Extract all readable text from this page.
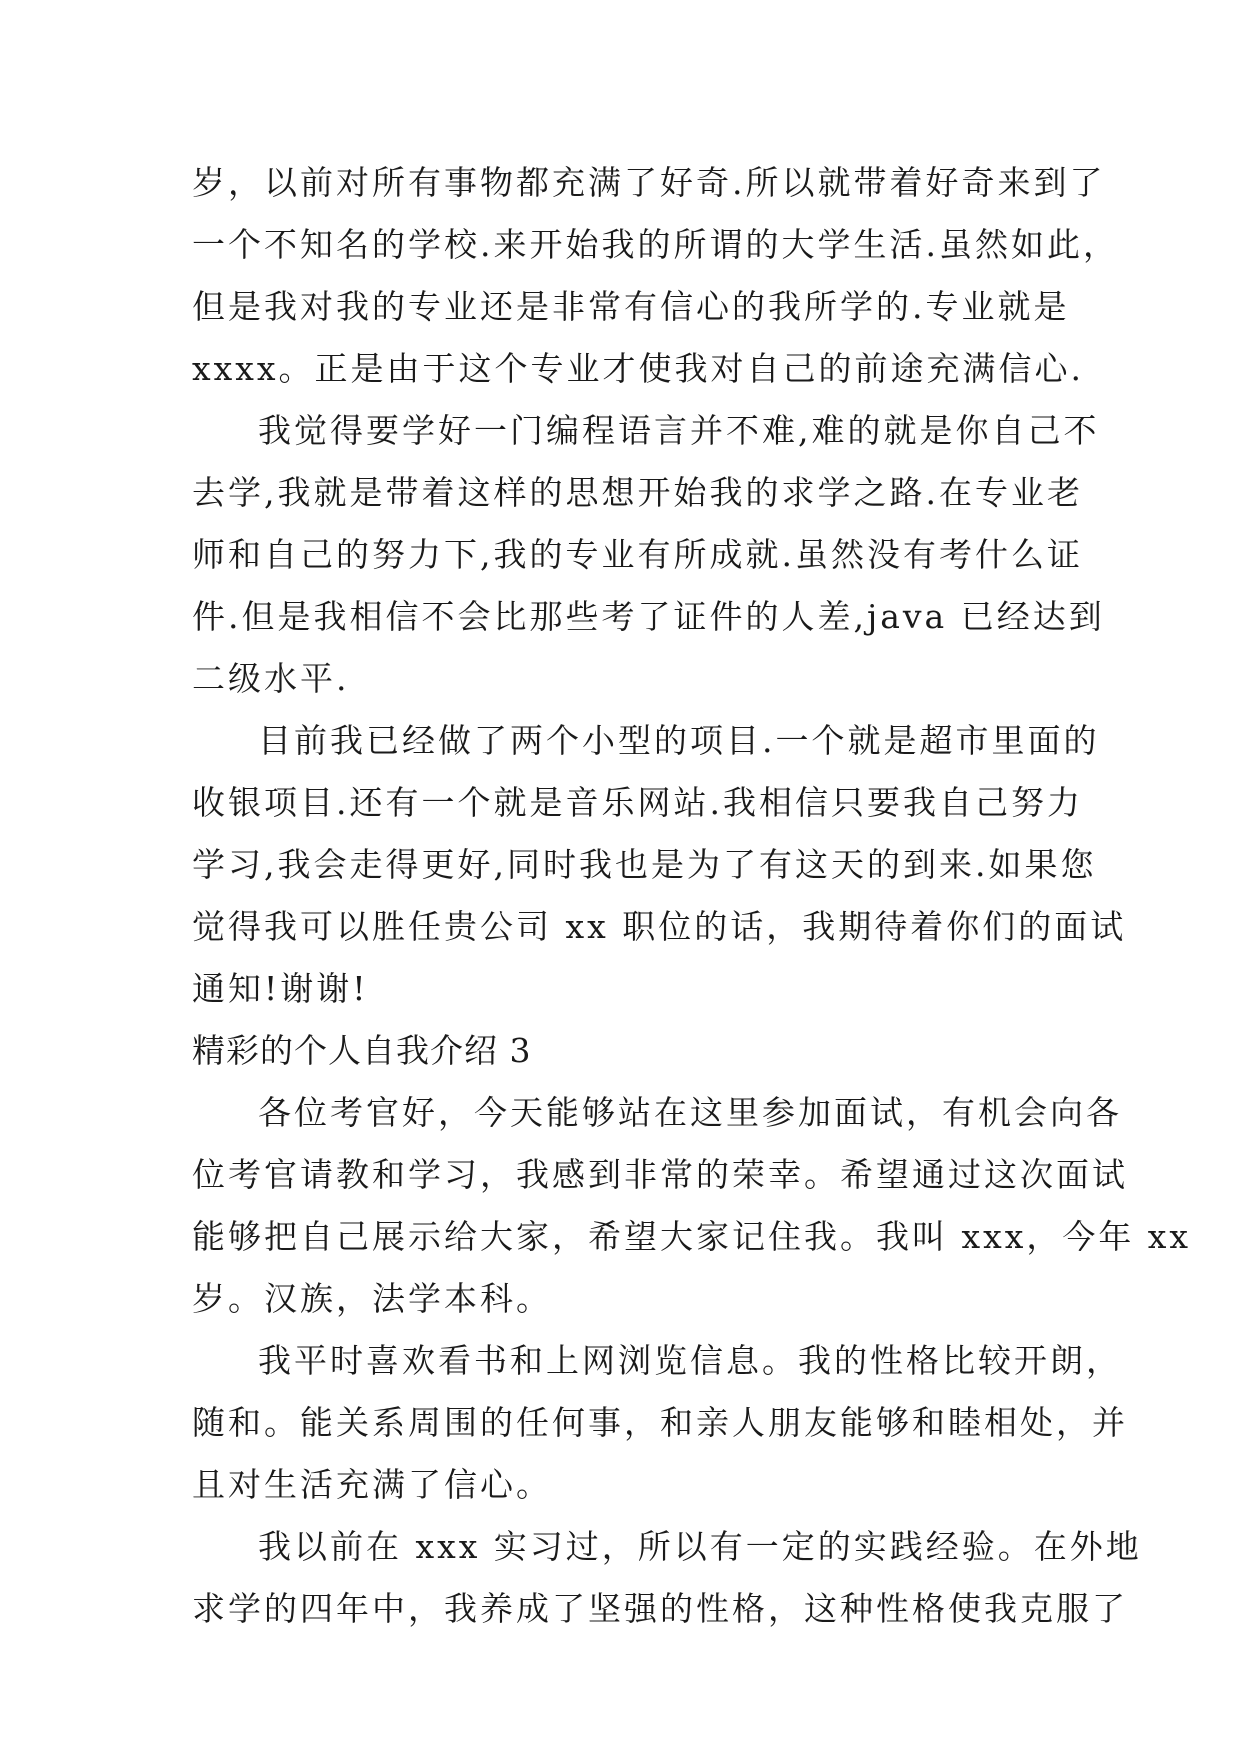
岁，以前对所有事物都充满了好奇.所以就带着好奇来到了
一个不知名的学校.来开始我的所谓的大学生活.虽然如此，
但是我对我的专业还是非常有信心的我所学的.专业就是
xxxx。正是由于这个专业才使我对自己的前途充满信心.
我觉得要学好一门编程语言并不难,难的就是你自己不
去学,我就是带着这样的思想开始我的求学之路.在专业老
师和自己的努力下,我的专业有所成就.虽然没有考什么证
件.但是我相信不会比那些考了证件的人差,java 已经达到
二级水平.
目前我已经做了两个小型的项目.一个就是超市里面的
收银项目.还有一个就是音乐网站.我相信只要我自己努力
学习,我会走得更好,同时我也是为了有这天的到来.如果您
觉得我可以胜任贵公司 xx 职位的话，我期待着你们的面试
通知!谢谢!
精彩的个人自我介绍 3
各位考官好，今天能够站在这里参加面试，有机会向各
位考官请教和学习，我感到非常的荣幸。希望通过这次面试
能够把自己展示给大家，希望大家记住我。我叫 xxx，今年 xx
岁。汉族，法学本科。
我平时喜欢看书和上网浏览信息。我的性格比较开朗，
随和。能关系周围的任何事，和亲人朋友能够和睦相处，并
且对生活充满了信心。
我以前在 xxx 实习过，所以有一定的实践经验。在外地
求学的四年中，我养成了坚强的性格，这种性格使我克服了
